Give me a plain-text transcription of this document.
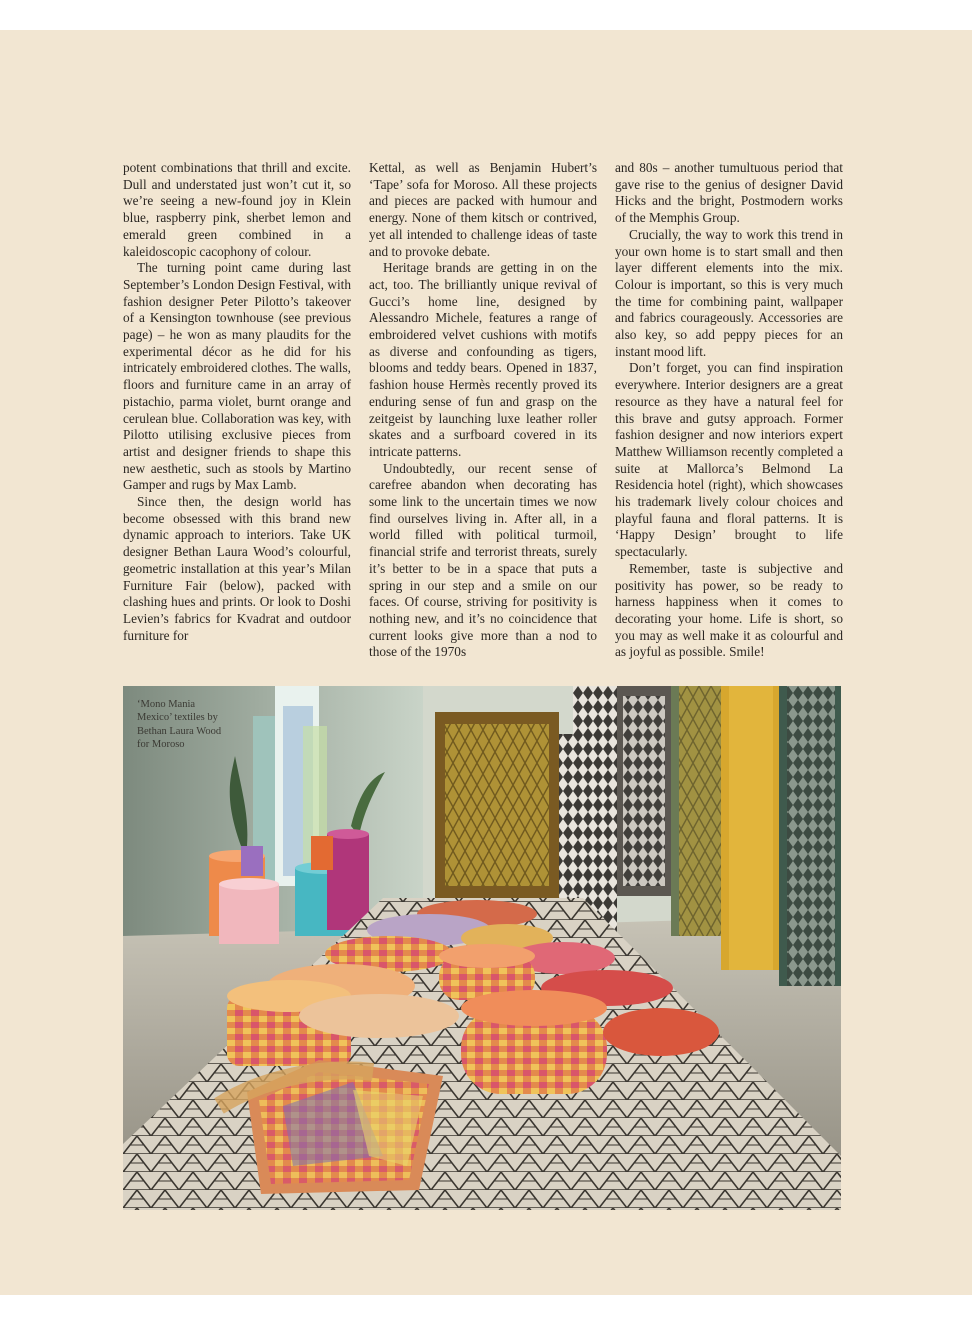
potent combinations that thrill and excite. Dull and understated just won’t cut it, so we’re seeing a new-found joy in Klein blue, raspberry pink, sherbet lemon and emerald green combined in a kaleidoscopic cacophony of colour.

The turning point came during last September’s London Design Festival, with fashion designer Peter Pilotto’s takeover of a Kensington townhouse (see previous page) – he won as many plaudits for the experimental décor as he did for his intricately embroidered clothes. The walls, floors and furniture came in an array of pistachio, parma violet, burnt orange and cerulean blue. Collaboration was key, with Pilotto utilising exclusive pieces from artist and designer friends to shape this new aesthetic, such as stools by Martino Gamper and rugs by Max Lamb.

Since then, the design world has become obsessed with this brand new dynamic approach to interiors. Take UK designer Bethan Laura Wood’s colourful, geometric installation at this year’s Milan Furniture Fair (below), packed with clashing hues and prints. Or look to Doshi Levien’s fabrics for Kvadrat and outdoor furniture for

Kettal, as well as Benjamin Hubert’s ‘Tape’ sofa for Moroso. All these projects and pieces are packed with humour and energy. None of them kitsch or contrived, yet all intended to challenge ideas of taste and to provoke debate.

Heritage brands are getting in on the act, too. The brilliantly unique revival of Gucci’s home line, designed by Alessandro Michele, features a range of embroidered velvet cushions with motifs as diverse and confounding as tigers, blooms and teddy bears. Opened in 1837, fashion house Hermès recently proved its enduring sense of fun and grasp on the zeitgeist by launching luxe leather roller skates and a surfboard covered in its intricate patterns.

Undoubtedly, our recent sense of carefree abandon when decorating has some link to the uncertain times we now find ourselves living in. After all, in a world filled with political turmoil, financial strife and terrorist threats, surely it’s better to be in a space that puts a spring in our step and a smile on our faces. Of course, striving for positivity is nothing new, and it’s no coincidence that current looks give more than a nod to those of the 1970s

and 80s – another tumultuous period that gave rise to the genius of designer David Hicks and the bright, Postmodern works of the Memphis Group.

Crucially, the way to work this trend in your own home is to start small and then layer different elements into the mix. Colour is important, so this is very much the time for combining paint, wallpaper and fabrics courageously. Accessories are also key, so add peppy pieces for an instant mood lift.

Don’t forget, you can find inspiration everywhere. Interior designers are a great resource as they have a natural feel for this brave and gutsy approach. Former fashion designer and now interiors expert Matthew Williamson recently completed a suite at Mallorca’s Belmond La Residencia hotel (right), which showcases his trademark lively colour choices and playful fauna and floral patterns. It is ‘Happy Design’ brought to life spectacularly.

Remember, taste is subjective and positivity has power, so be ready to harness happiness when it comes to decorating your home. Life is short, so you may as well make it as colourful and as joyful as possible. Smile!

‘Mono Mania Mexico’ textiles by Bethan Laura Wood for Moroso
